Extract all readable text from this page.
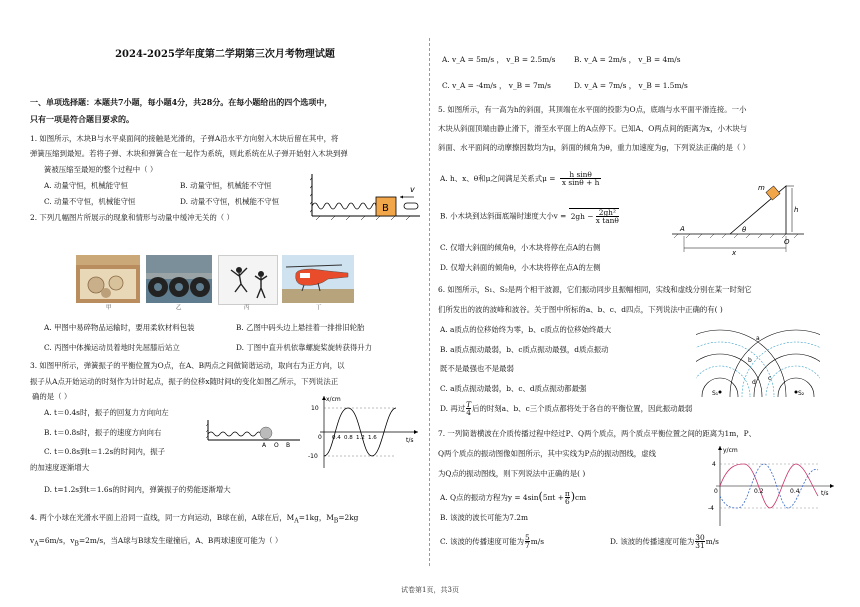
2024-2025学年度第二学期第三次月考物理试题
一、单项选择题：本题共7小题，每小题4分，共28分。在每小题给出的四个选项中，
只有一项是符合题目要求的。
1. 如图所示，木块B与水平桌面间的接触是光滑的，子弹A沿水平方向射入木块后留在其中，将
弹簧压缩到最短。若将子弹、木块和弹簧合在一起作为系统，则此系统在从子弹开始射入木块到弹
簧被压缩至最短的整个过程中（ ）
A. 动量守恒，机械能守恒	B. 动量守恒，机械能不守恒
C. 动量不守恒，机械能守恒	D. 动量不守恒，机械能不守恒
B
v
2. 下列几幅图片所展示的现象和情形与动量中缓冲无关的（ ）
甲	乙	丙	丁
A. 甲图中易碎物品运输时，要用柔软材料包装	B. 乙图中码头边上悬挂着一排排旧轮胎
C. 丙图中体操运动员着地时先屈膝后站立	D. 丁图中直升机依靠螺旋桨旋转获得升力
3. 如图甲所示，弹簧振子的平衡位置为O点，在A、B两点之间做简谐运动，取向右为正方向，以
振子从A点开始运动的时刻作为计时起点，振子的位移x随时间t的变化如图乙所示，下列说法正
确的是（ ）
A. t＝0.4s时，振子的回复力方向向左
B. t＝0.8s时，振子的速度方向向右
C. t＝0.8s到t＝1.2s的时间内，振子
的加速度逐渐增大
D. t=1.2s到t＝1.6s的时间内，弹簧振子的势能逐渐增大
A O B
x/cm
t/s
10
-10
0 0.4 0.8 1.2 1.6
4. 两个小球在光滑水平面上沿同一直线，同一方向运动，B球在前，A球在后，$M_A=1kg$，$M_B=2kg$
$v_A=6m/s$，$v_B=2m/s$，当A球与B球发生碰撞后，A、B两球速度可能为（ ）
A. v_A = 5m/s ， v_B = 2.5m/s	B. v_A = 2m/s ， v_B = 4m/s
C. v_A = -4m/s ， v_B = 7m/s	D. v_A = 7m/s ， v_B = 1.5m/s
5. 如图所示，有一高为h的斜面，其顶端在水平面的投影为O点，底端与水平面平滑连接。一小
木块从斜面顶端由静止滑下，滑至水平面上的A点停下。已知A、O两点间的距离为x，小木块与
斜面、水平面间的动摩擦因数均为μ，斜面的倾角为θ，重力加速度为g，下列说法正确的是（ ）
A. h、x、θ和μ之间满足关系式$\mu = \frac{\text{h sinθ}}{\text{x sinθ + h}}$
B. 小木块到达斜面底端时速度大小$v = 2gh - \frac{\text{2gh²}}{\text{x tanθ}}$
C. 仅增大斜面的倾角θ，小木块将停在点A的右侧
D. 仅增大斜面的倾角θ，小木块将停在点A的左侧
h
m
θ
A
O
x
6. 如图所示，S₁、S₂是两个相干波源，它们振动同步且振幅相同，实线和虚线分别在某一时刻它
们所发出的波的波峰和波谷。关于图中所标的a、b、c、d四点，下列说法中正确的有( )
A. a质点的位移始终为零，b、c质点的位移始终最大
B. a质点振动最弱，b、c质点振动最强，d质点振动
既不是最强也不是最弱
C. a质点振动最弱，b、c、d质点振动都最强
D. 再过 $\frac{T}{4}$ 后的时刻a、b、c三个质点都将处于各自的平衡位置，因此振动最弱
S₁	S₂
a
b
c
d
7. 一列简谐横波在介质传播过程中经过P、Q两个质点，两个质点平衡位置之间的距离为1m，P、
Q两个质点的振动图像如图所示，其中实线为P点的振动图线，虚线
为Q点的振动图线，则下列说法中正确的是( )
A. Q点的振动方程为$y = 4\sin(5\pi t + \frac{\pi}{6} )cm$
B. 该波的波长可能为7.2m
C. 该波的传播速度可能为 $\frac{5}{7} m/s$	D. 该波的传播速度可能为 $\frac{30}{31} m/s$
y/cm
t/s
4
-4
0	0.2	0.4
试卷第1页，共3页
